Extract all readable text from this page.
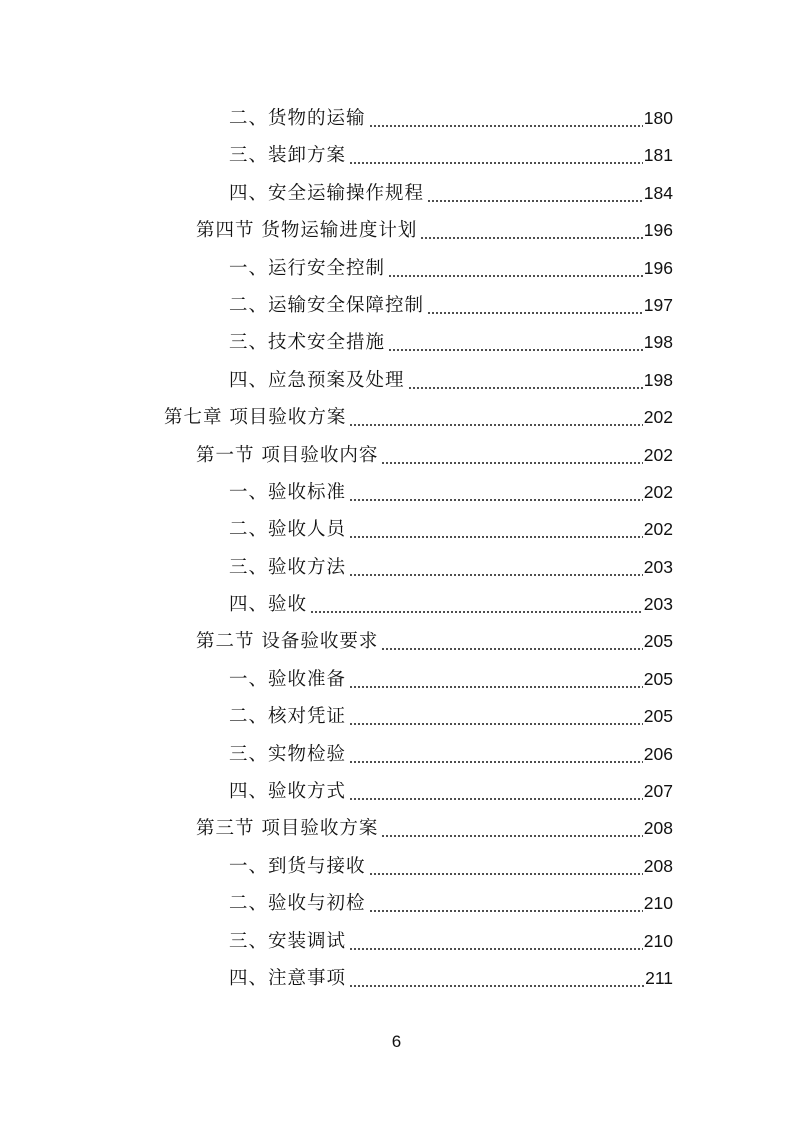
二、货物的运输	180
三、装卸方案	181
四、安全运输操作规程	184
第四节 货物运输进度计划	196
一、运行安全控制	196
二、运输安全保障控制	197
三、技术安全措施	198
四、应急预案及处理	198
第七章 项目验收方案	202
第一节 项目验收内容	202
一、验收标准	202
二、验收人员	202
三、验收方法	203
四、验收	203
第二节 设备验收要求	205
一、验收准备	205
二、核对凭证	205
三、实物检验	206
四、验收方式	207
第三节 项目验收方案	208
一、到货与接收	208
二、验收与初检	210
三、安装调试	210
四、注意事项	211
6
